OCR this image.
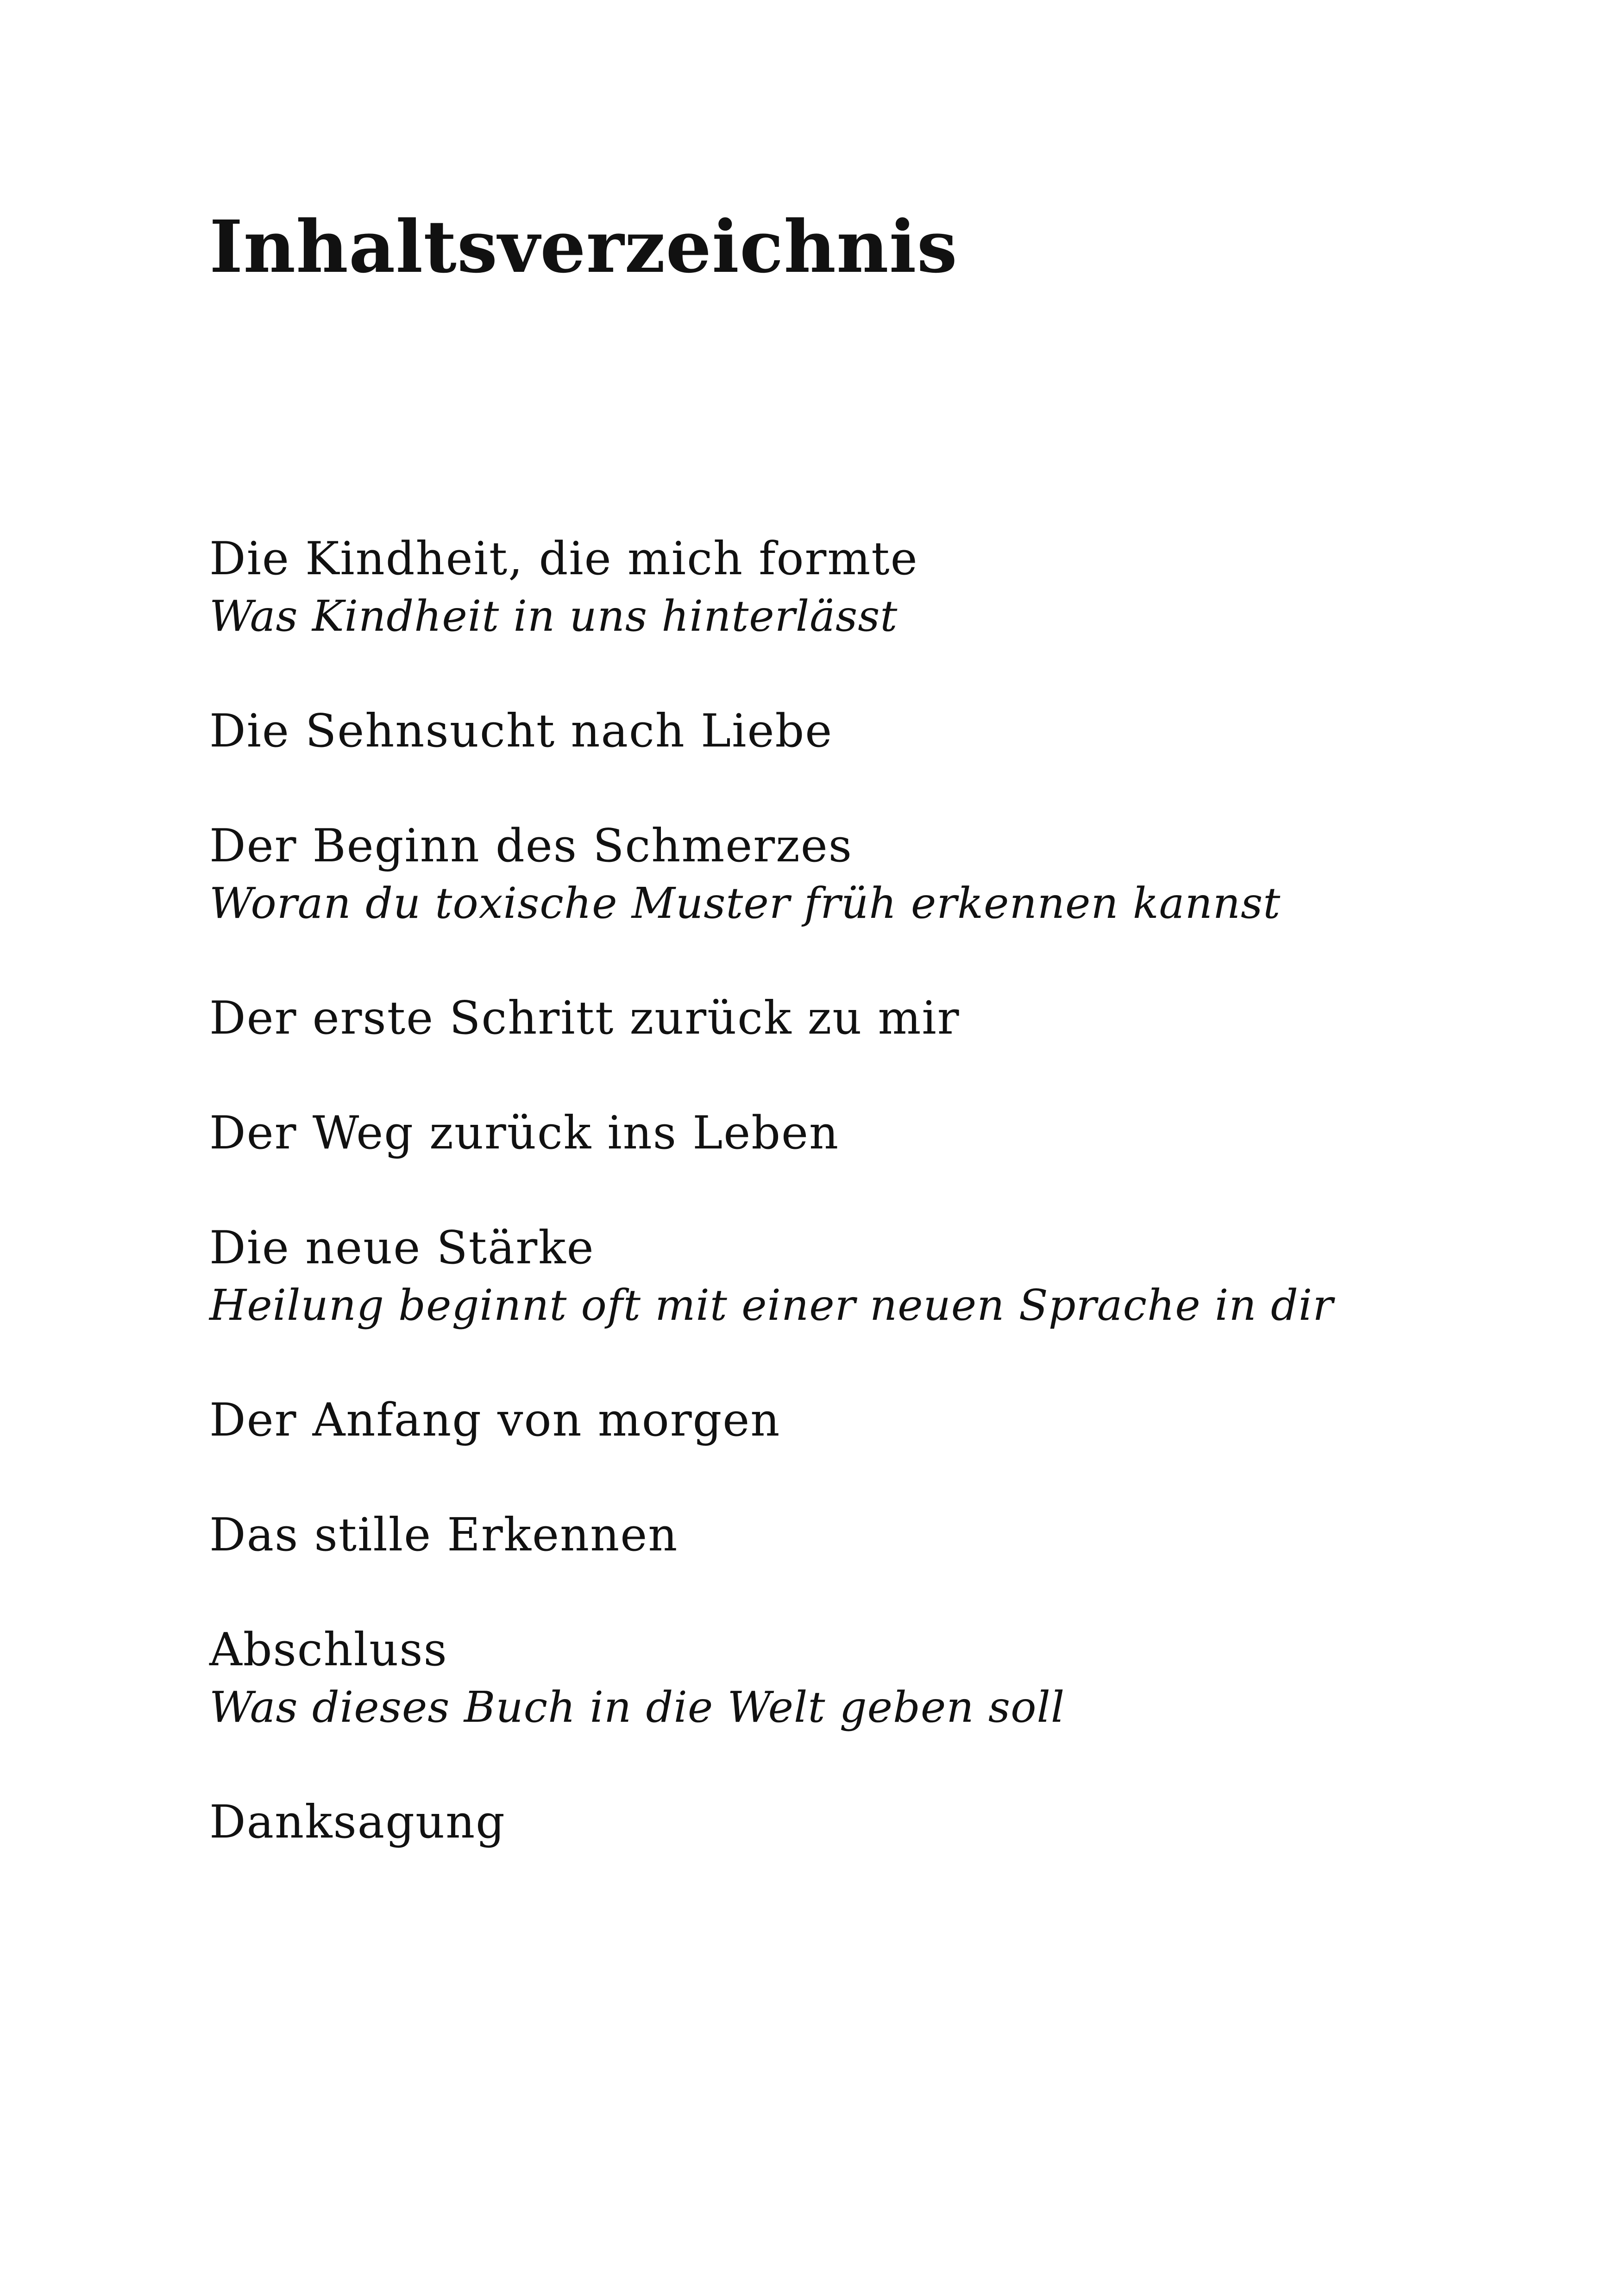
Inhaltsverzeichnis
Die Kindheit, die mich formte
Was Kindheit in uns hinterlässt
Die Sehnsucht nach Liebe
Der Beginn des Schmerzes
Woran du toxische Muster früh erkennen kannst
Der erste Schritt zurück zu mir
Der Weg zurück ins Leben
Die neue Stärke
Heilung beginnt oft mit einer neuen Sprache in dir
Der Anfang von morgen
Das stille Erkennen
Abschluss
Was dieses Buch in die Welt geben soll
Danksagung
